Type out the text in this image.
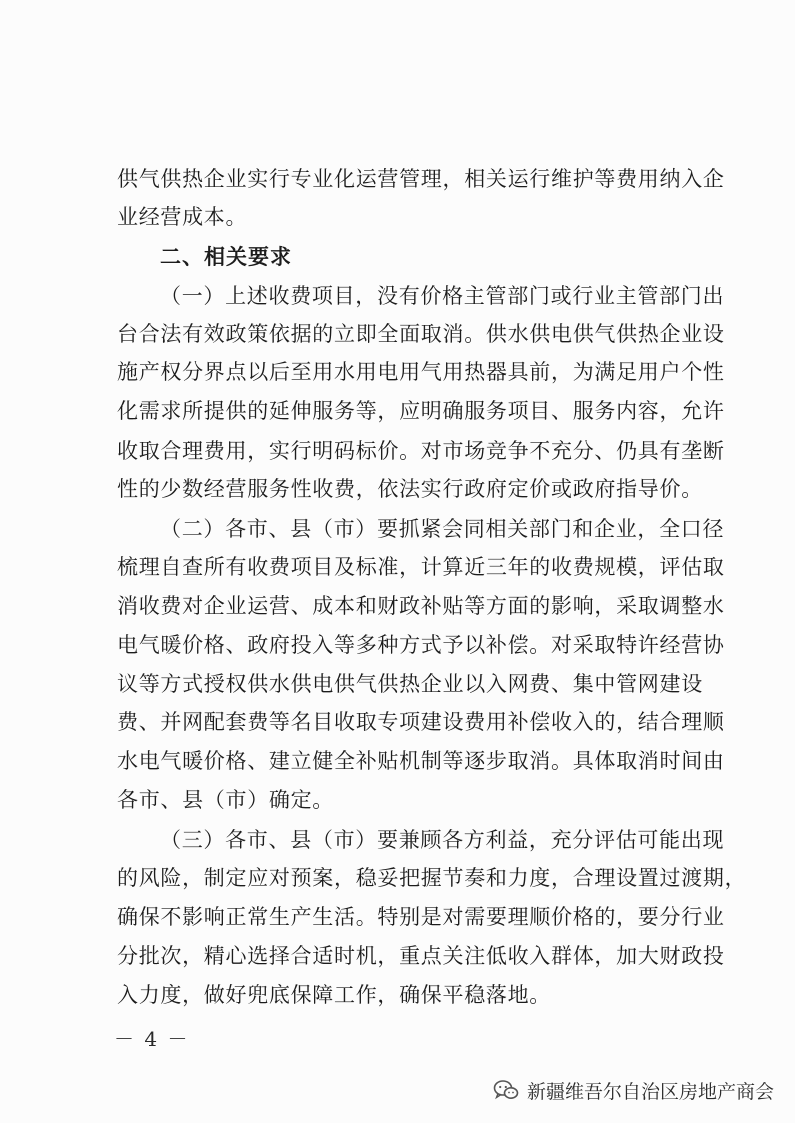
供气供热企业实行专业化运营管理，相关运行维护等费用纳入企
业经营成本。
二、相关要求
（一）上述收费项目，没有价格主管部门或行业主管部门出
台合法有效政策依据的立即全面取消。供水供电供气供热企业设
施产权分界点以后至用水用电用气用热器具前，为满足用户个性
化需求所提供的延伸服务等，应明确服务项目、服务内容，允许
收取合理费用，实行明码标价。对市场竞争不充分、仍具有垄断
性的少数经营服务性收费，依法实行政府定价或政府指导价。
（二）各市、县（市）要抓紧会同相关部门和企业，全口径
梳理自查所有收费项目及标准，计算近三年的收费规模，评估取
消收费对企业运营、成本和财政补贴等方面的影响，采取调整水
电气暖价格、政府投入等多种方式予以补偿。对采取特许经营协
议等方式授权供水供电供气供热企业以入网费、集中管网建设
费、并网配套费等名目收取专项建设费用补偿收入的，结合理顺
水电气暖价格、建立健全补贴机制等逐步取消。具体取消时间由
各市、县（市）确定。
（三）各市、县（市）要兼顾各方利益，充分评估可能出现
的风险，制定应对预案，稳妥把握节奏和力度，合理设置过渡期，
确保不影响正常生产生活。特别是对需要理顺价格的，要分行业
分批次，精心选择合适时机，重点关注低收入群体，加大财政投
入力度，做好兜底保障工作，确保平稳落地。
－ 4 －
新疆维吾尔自治区房地产商会
